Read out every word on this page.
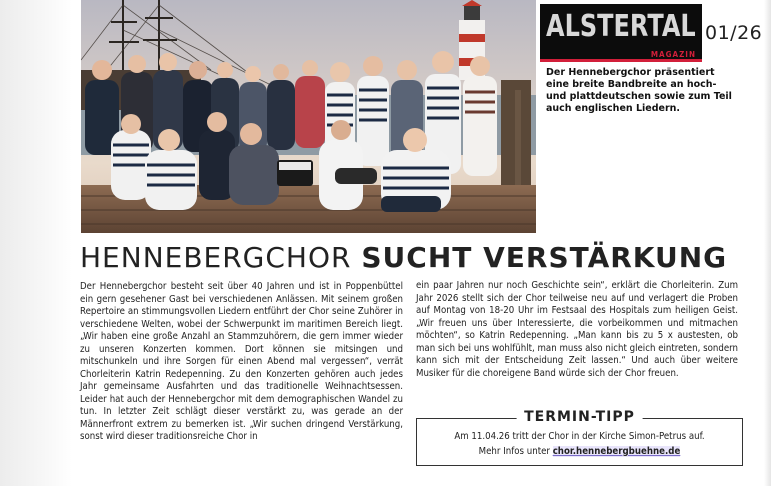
ALSTERTAL
MAGAZIN
01/26
Der Hennebergchor präsentiert eine breite Bandbreite an hoch- und plattdeutschen sowie zum Teil auch englischen Liedern.
HENNEBERGCHOR SUCHT VERSTÄRKUNG

Der Hennebergchor besteht seit über 40 Jahren und ist in Poppenbüttel ein gern gesehener Gast bei verschiedenen Anlässen. Mit seinem großen Repertoire an stimmungsvollen Liedern entführt der Chor seine Zuhörer in verschiedene Welten, wobei der Schwerpunkt im maritimen Bereich liegt. „Wir haben eine große Anzahl an Stammzuhörern, die gern immer wieder zu unseren Konzerten kommen. Dort können sie mitsingen und mitschunkeln und ihre Sorgen für einen Abend mal vergessen“, verrät Chorleiterin Katrin Redepenning. Zu den Konzerten gehören auch jedes Jahr gemeinsame Ausfahrten und das traditionelle Weihnachtsessen. Leider hat auch der Hennebergchor mit dem demographischen Wandel zu tun. In letzter Zeit schlägt dieser verstärkt zu, was gerade an der Männerfront extrem zu bemerken ist. „Wir suchen dringend Verstärkung, sonst wird dieser traditionsreiche Chor in

ein paar Jahren nur noch Geschichte sein“, erklärt die Chorleiterin. Zum Jahr 2026 stellt sich der Chor teilweise neu auf und verlagert die Proben auf Montag von 18-20 Uhr im Festsaal des Hospitals zum heiligen Geist. „Wir freuen uns über Interessierte, die vorbeikommen und mitmachen möchten“, so Katrin Redepenning. „Man kann bis zu 5 x austesten, ob man sich bei uns wohlfühlt, man muss also nicht gleich eintreten, sondern kann sich mit der Entscheidung Zeit lassen.“ Und auch über weitere Musiker für die choreigene Band würde sich der Chor freuen.

TERMIN-TIPP
Am 11.04.26 tritt der Chor in der Kirche Simon-Petrus auf.
Mehr Infos unter chor.hennebergbuehne.de
